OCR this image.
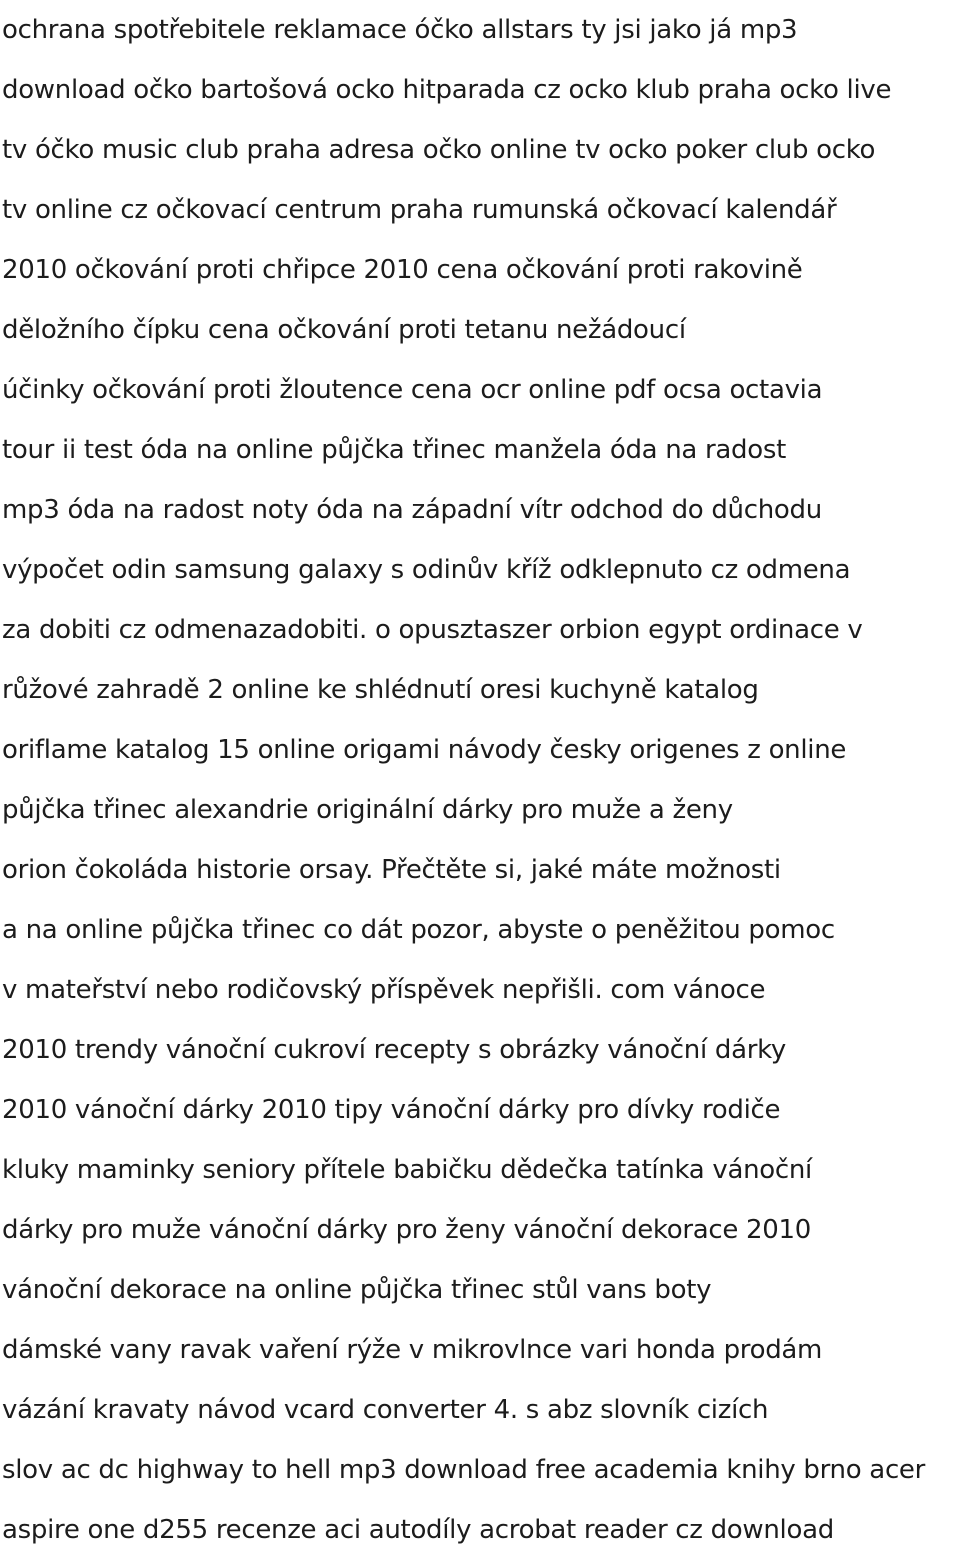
ochrana spotřebitele reklamace óčko allstars ty jsi jako já mp3
download očko bartošová ocko hitparada cz ocko klub praha ocko live
tv óčko music club praha adresa očko online tv ocko poker club ocko
tv online cz očkovací centrum praha rumunská očkovací kalendář
2010 očkování proti chřipce 2010 cena očkování proti rakovině
děložního čípku cena očkování proti tetanu nežádoucí
účinky očkování proti žloutence cena ocr online pdf ocsa octavia
tour ii test óda na online půjčka třinec manžela óda na radost
mp3 óda na radost noty óda na západní vítr odchod do důchodu
výpočet odin samsung galaxy s odinův kříž odklepnuto cz odmena
za dobiti cz odmenazadobiti. o opusztaszer orbion egypt ordinace v
růžové zahradě 2 online ke shlédnutí oresi kuchyně katalog
oriflame katalog 15 online origami návody česky origenes z online
půjčka třinec alexandrie originální dárky pro muže a ženy
orion čokoláda historie orsay. Přečtěte si, jaké máte možnosti
a na online půjčka třinec co dát pozor, abyste o peněžitou pomoc
v mateřství nebo rodičovský příspěvek nepřišli. com vánoce
2010 trendy vánoční cukroví recepty s obrázky vánoční dárky
2010 vánoční dárky 2010 tipy vánoční dárky pro dívky rodiče
kluky maminky seniory přítele babičku dědečka tatínka vánoční
dárky pro muže vánoční dárky pro ženy vánoční dekorace 2010
vánoční dekorace na online půjčka třinec stůl vans boty
dámské vany ravak vaření rýže v mikrovlnce vari honda prodám
vázání kravaty návod vcard converter 4. s abz slovník cizích
slov ac dc highway to hell mp3 download free academia knihy brno acer
aspire one d255 recenze aci autodíly acrobat reader cz download
